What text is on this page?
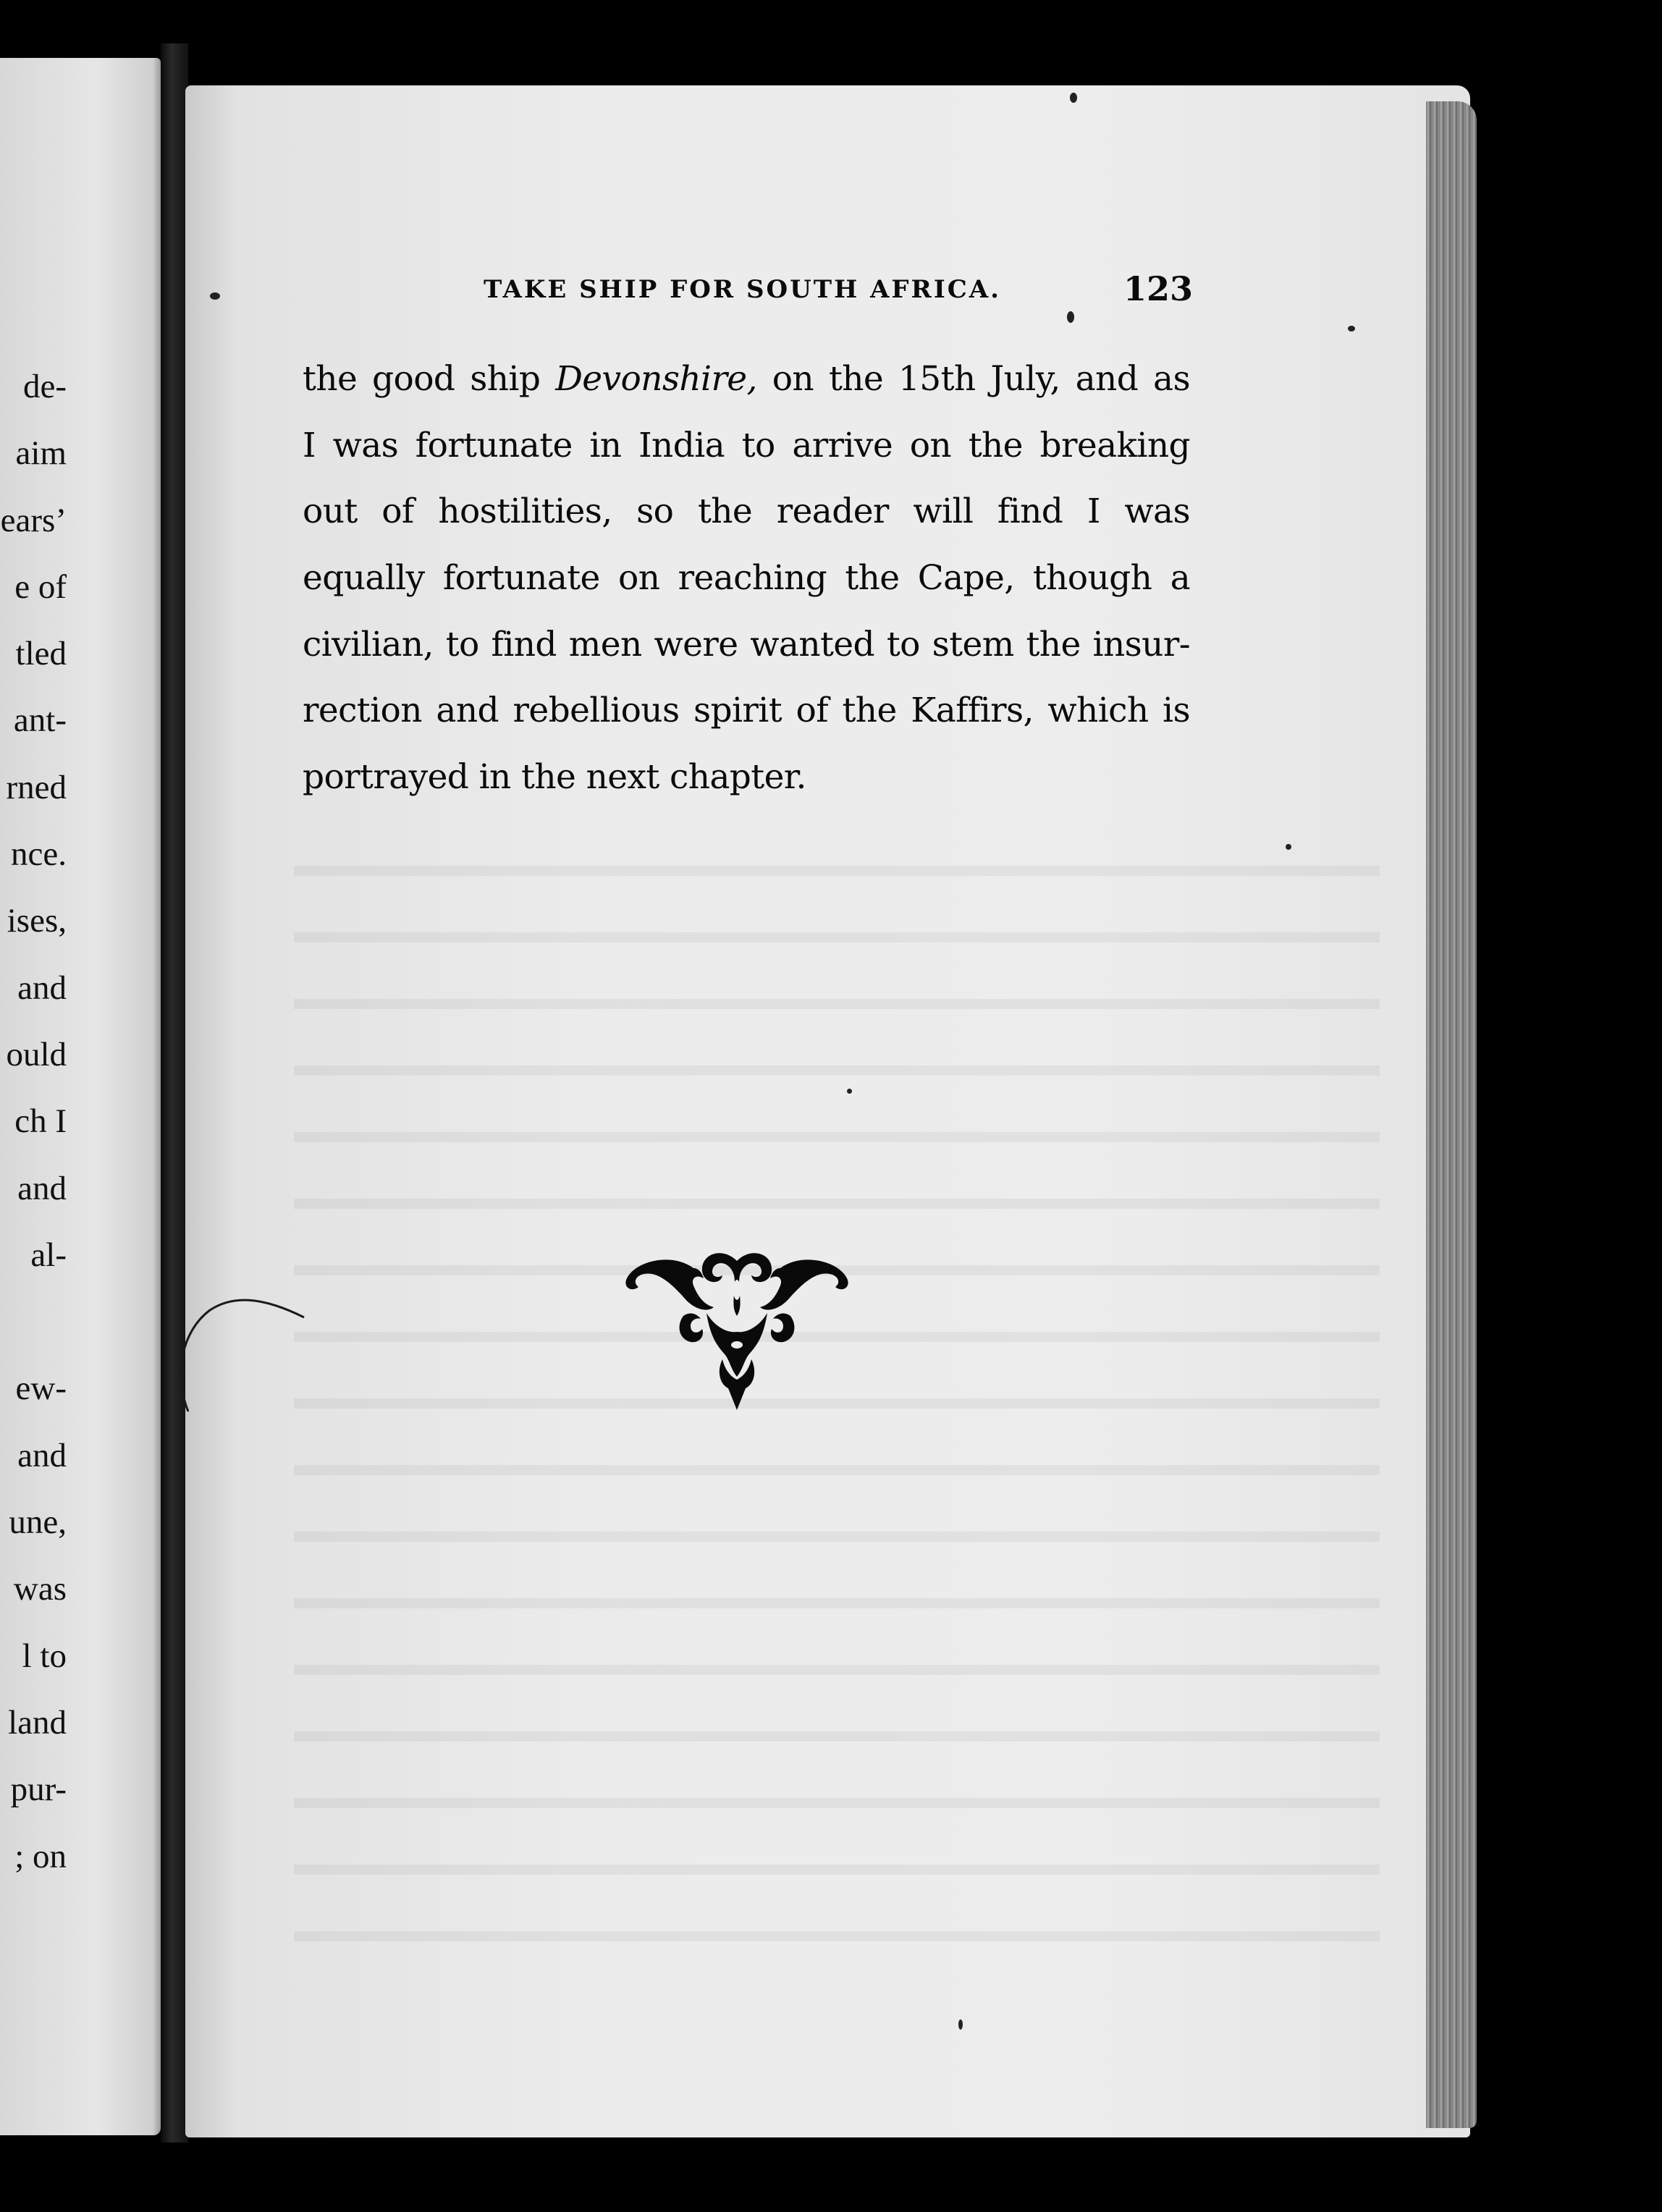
de-
aim
ears’
e of
tled
ant-
rned
nce.
ises,
and
ould
ch I
and
al-
ew-
and
une,
was
l to
land
pur-
; on
TAKE SHIP FOR SOUTH AFRICA.	123
the good ship Devonshire, on the 15th July, and as
I was fortunate in India to arrive on the breaking
out of hostilities, so the reader will find I was
equally fortunate on reaching the Cape, though a
civilian, to find men were wanted to stem the insur-
rection and rebellious spirit of the Kaffirs, which is
portrayed in the next chapter.
